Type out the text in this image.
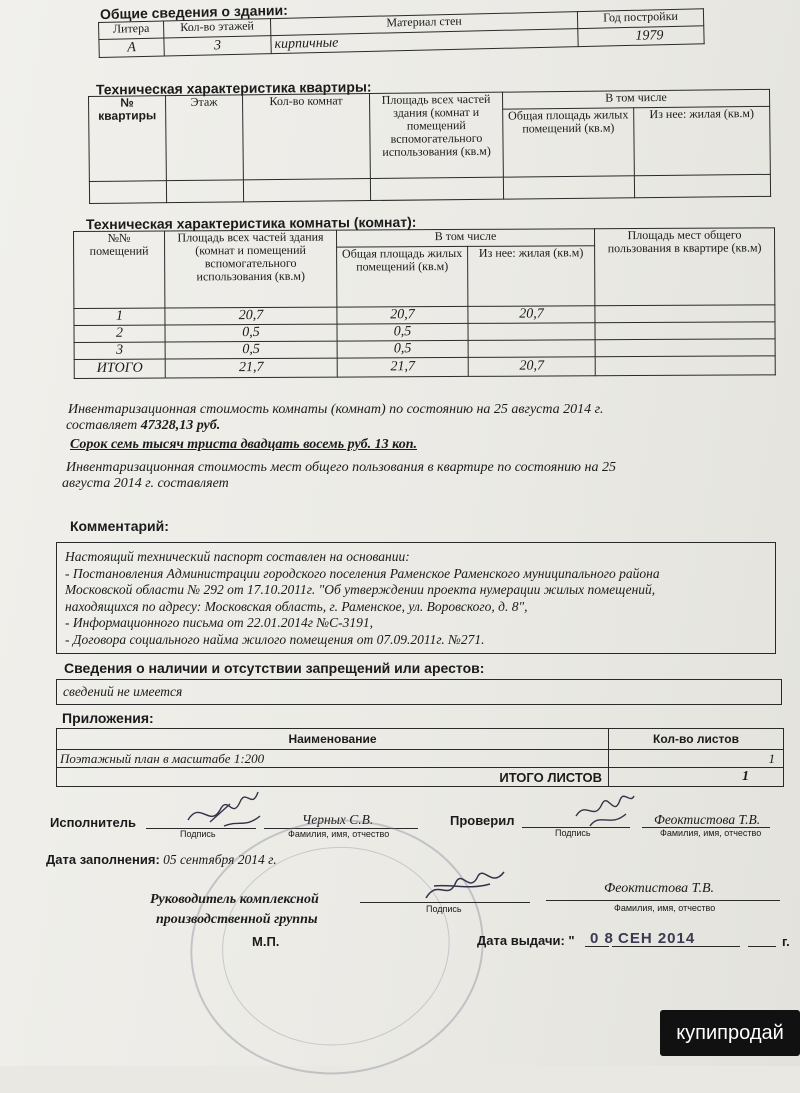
Общие сведения о здании:
Литера	Кол-во этажей	Материал стен	Год постройки
А	3	кирпичные	1979
Техническая характеристика квартиры:
№ квартиры	Этаж	Кол-во комнат	Площадь всех частей здания (комнат и помещений вспомогательного использования (кв.м)	В том числе	
				Общая площадь жилых помещений (кв.м)	Из нее: жилая (кв.м)

Техническая характеристика комнаты (комнат):
№№ помещений	Площадь всех частей здания (комнат и помещений вспомогательного использования (кв.м)	В том числе		Площадь мест общего пользования в квартире (кв.м)
		Общая площадь жилых помещений (кв.м)	Из нее: жилая (кв.м)	
1	20,7	20,7	20,7	
2	0,5	0,5		
3	0,5	0,5		
ИТОГО	21,7	21,7	20,7	
Инвентаризационная стоимость комнаты (комнат) по состоянию на 25 августа 2014 г.
составляет 47328,13 руб.
Сорок семь тысяч триста двадцать восемь руб. 13 коп.
Инвентаризационная стоимость мест общего пользования в квартире по состоянию на 25
августа 2014 г. составляет
Комментарий:
Настоящий технический паспорт составлен на основании:
- Постановления Администрации городского поселения Раменское Раменского муниципального района
Московской области № 292 от 17.10.2011г. "Об утверждении проекта нумерации жилых помещений,
находящихся по адресу: Московская область, г. Раменское, ул. Воровского, д. 8",
- Информационного письма от 22.01.2014г №С-3191,
- Договора социального найма жилого помещения от 07.09.2011г. №271.
Сведения о наличии и отсутствии запрещений или арестов:
сведений не имеется
Приложения:
Наименование	Кол-во листов
Поэтажный план в масштабе 1:200	1
ИТОГО ЛИСТОВ	1
Исполнитель
Подпись
Черных С.В.
Фамилия, имя, отчество
Проверил
Подпись
Феоктистова Т.В.
Фамилия, имя, отчество
Дата заполнения: 05 сентября 2014 г.
Руководитель комплексной
производственной группы
Подпись
Феоктистова Т.В.
Фамилия, имя, отчество
М.П.	Дата выдачи: " 0 8 СЕН 2014	г.
купипродай
